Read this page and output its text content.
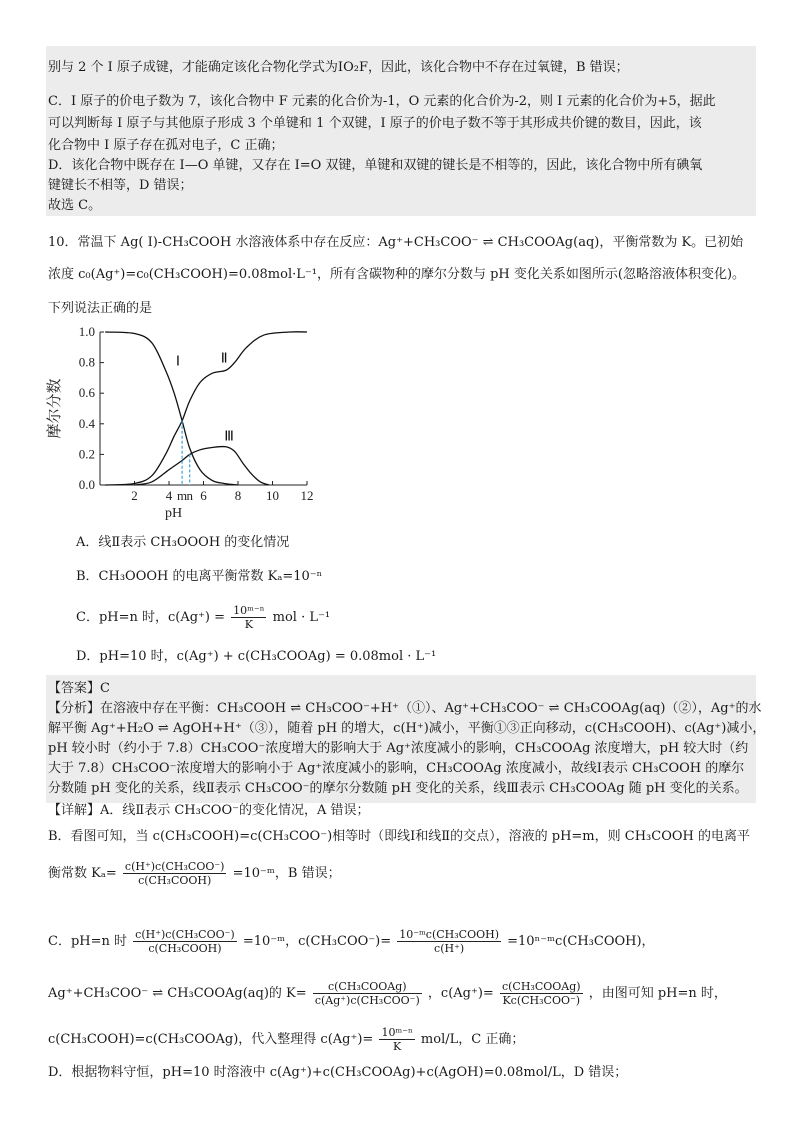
别与 2 个 I 原子成键，才能确定该化合物化学式为IO₂F，因此，该化合物中不存在过氧键，B 错误；
C．I 原子的价电子数为 7，该化合物中 F 元素的化合价为-1，O 元素的化合价为-2，则 I 元素的化合价为+5，据此
可以判断每 I 原子与其他原子形成 3 个单键和 1 个双键，I 原子的价电子数不等于其形成共价键的数目，因此，该
化合物中 I 原子存在孤对电子，C 正确；
D．该化合物中既存在 I—O 单键，又存在 I=O 双键，单键和双键的键长是不相等的，因此，该化合物中所有碘氧
键键长不相等，D 错误；
故选 C。
10．常温下 Ag( Ⅰ)-CH₃COOH 水溶液体系中存在反应：Ag⁺+CH₃COO⁻ ⇌ CH₃COOAg(aq)，平衡常数为 K。已初始
浓度 c₀(Ag⁺)=c₀(CH₃COOH)=0.08mol·L⁻¹，所有含碳物种的摩尔分数与 pH 变化关系如图所示(忽略溶液体积变化)。
下列说法正确的是
2 4 m n 6 8 10 12
0.0
0.2
0.4
0.6
0.8
1.0
pH
摩尔分数
Ⅰ	Ⅱ
Ⅲ
A．线Ⅱ表示 CH₃OOOH 的变化情况
B．CH₃OOOH 的电离平衡常数 Kₐ=10⁻ⁿ
C．pH=n 时，$c(Ag^+) = \frac{\text{10ᵐ⁻ⁿ}}{K}$ mol · L⁻¹
D．pH=10 时，c(Ag⁺) + c(CH₃COOAg) = 0.08mol · L⁻¹
【答案】C
【分析】在溶液中存在平衡：CH₃COOH ⇌ CH₃COO⁻+H⁺（①）、Ag⁺+CH₃COO⁻ ⇌ CH₃COOAg(aq)（②），Ag⁺的水
解平衡 Ag⁺+H₂O ⇌ AgOH+H⁺（③），随着 pH 的增大，c(H⁺)减小，平衡①③正向移动，c(CH₃COOH)、c(Ag⁺)减小，
pH 较小时（约小于 7.8）CH₃COO⁻浓度增大的影响大于 Ag⁺浓度减小的影响，CH₃COOAg 浓度增大，pH 较大时（约
大于 7.8）CH₃COO⁻浓度增大的影响小于 Ag⁺浓度减小的影响，CH₃COOAg 浓度减小，故线Ⅰ表示 CH₃COOH 的摩尔
分数随 pH 变化的关系，线Ⅱ表示 CH₃COO⁻的摩尔分数随 pH 变化的关系，线Ⅲ表示 CH₃COOAg 随 pH 变化的关系。
【详解】A．线Ⅱ表示 CH₃COO⁻的变化情况，A 错误；
B．看图可知，当 c(CH₃COOH)=c(CH₃COO⁻)相等时（即线Ⅰ和线Ⅱ的交点），溶液的 pH=m，则 CH₃COOH 的电离平
衡常数 $K_a= \frac{\text{c(H⁺)c(CH₃COO⁻)}}{\text{c(CH₃COOH)}}$ =10⁻ᵐ，B 错误；
C．pH=n 时 $\frac{\text{c(H⁺)c(CH₃COO⁻)}}{\text{c(CH₃COOH)}}$ =10⁻ᵐ，$c(CH_3COO^-)= \frac{\text{10⁻ᵐc(CH₃COOH)}}{c(H^+)}$ =10ⁿ⁻ᵐc(CH₃COOH)，
Ag⁺+CH₃COO⁻ ⇌ CH₃COOAg(aq)的 $K= \frac{\text{c(CH₃COOAg)}}{\text{c(Ag⁺)c(CH₃COO⁻)}}$ ，$c(Ag^+)= \frac{\text{c(CH₃COOAg)}}{\text{Kc(CH₃COO⁻)}}$ ，由图可知 pH=n 时，
c(CH₃COOH)=c(CH₃COOAg)，代入整理得 $c(Ag^+)= \frac{\text{10ᵐ⁻ⁿ}}{K} mol/L$，C 正确；
D．根据物料守恒，pH=10 时溶液中 c(Ag⁺)+c(CH₃COOAg)+c(AgOH)=0.08mol/L，D 错误；
